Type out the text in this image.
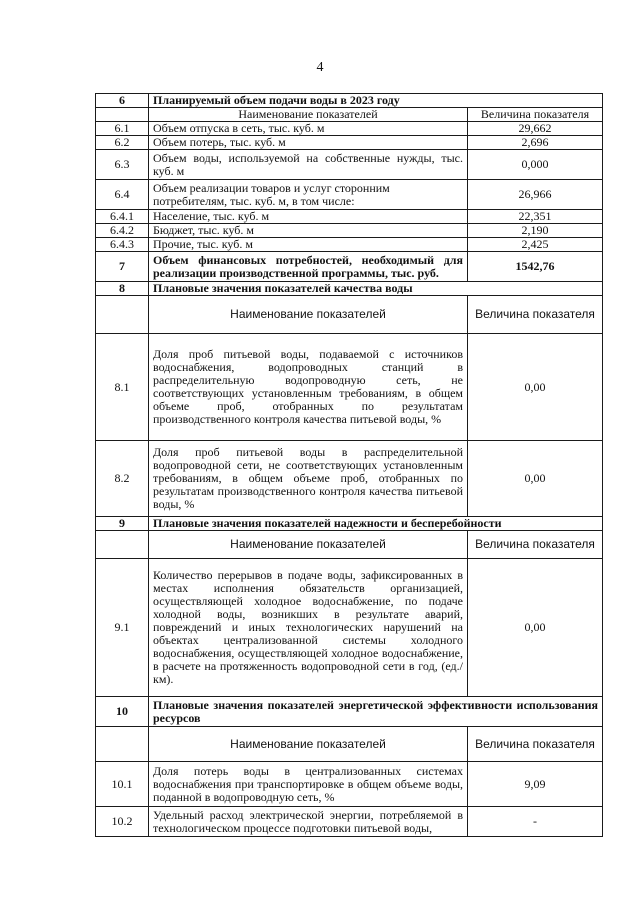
4
6	Планируемый объем подачи воды в 2023 году	
	Наименование показателей	Величина показателя
6.1	Объем отпуска в сеть, тыс. куб. м	29,662
6.2	Объем потерь, тыс. куб. м	2,696
6.3	Объем воды, используемой на собственные нужды, тыс. куб. м	0,000
6.4	Объем реализации товаров и услуг сторонним потребителям, тыс. куб. м, в том числе:	26,966
6.4.1	Население, тыс. куб. м	22,351
6.4.2	Бюджет, тыс. куб. м	2,190
6.4.3	Прочие, тыс. куб. м	2,425
7	Объем финансовых потребностей, необходимый для реализации производственной программы, тыс. руб.	1542,76
8	Плановые значения показателей качества воды	
	Наименование показателей	Величина показателя
8.1	Доля проб питьевой воды, подаваемой с источников водоснабжения, водопроводных станций в распределительную водопроводную сеть, не соответствующих установленным требованиям, в общем объеме проб, отобранных по результатам производственного контроля качества питьевой воды, %	0,00
8.2	Доля проб питьевой воды в распределительной водопроводной сети, не соответствующих установленным требованиям, в общем объеме проб, отобранных по результатам производственного контроля качества питьевой воды, %	0,00
9	Плановые значения показателей надежности и бесперебойности	
	Наименование показателей	Величина показателя
9.1	Количество перерывов в подаче воды, зафиксированных в местах исполнения обязательств организацией, осуществляющей холодное водоснабжение, по подаче холодной воды, возникших в результате аварий, повреждений и иных технологических нарушений на объектах централизованной системы холодного водоснабжения, осуществляющей холодное водоснабжение, в расчете на протяженность водопроводной сети в год, (ед./км).	0,00
10	Плановые значения показателей энергетической эффективности использования ресурсов	
	Наименование показателей	Величина показателя
10.1	Доля потерь воды в централизованных системах водоснабжения при транспортировке в общем объеме воды, поданной в водопроводную сеть, %	9,09
10.2	Удельный расход электрической энергии, потребляемой в технологическом процессе подготовки питьевой воды,	-
